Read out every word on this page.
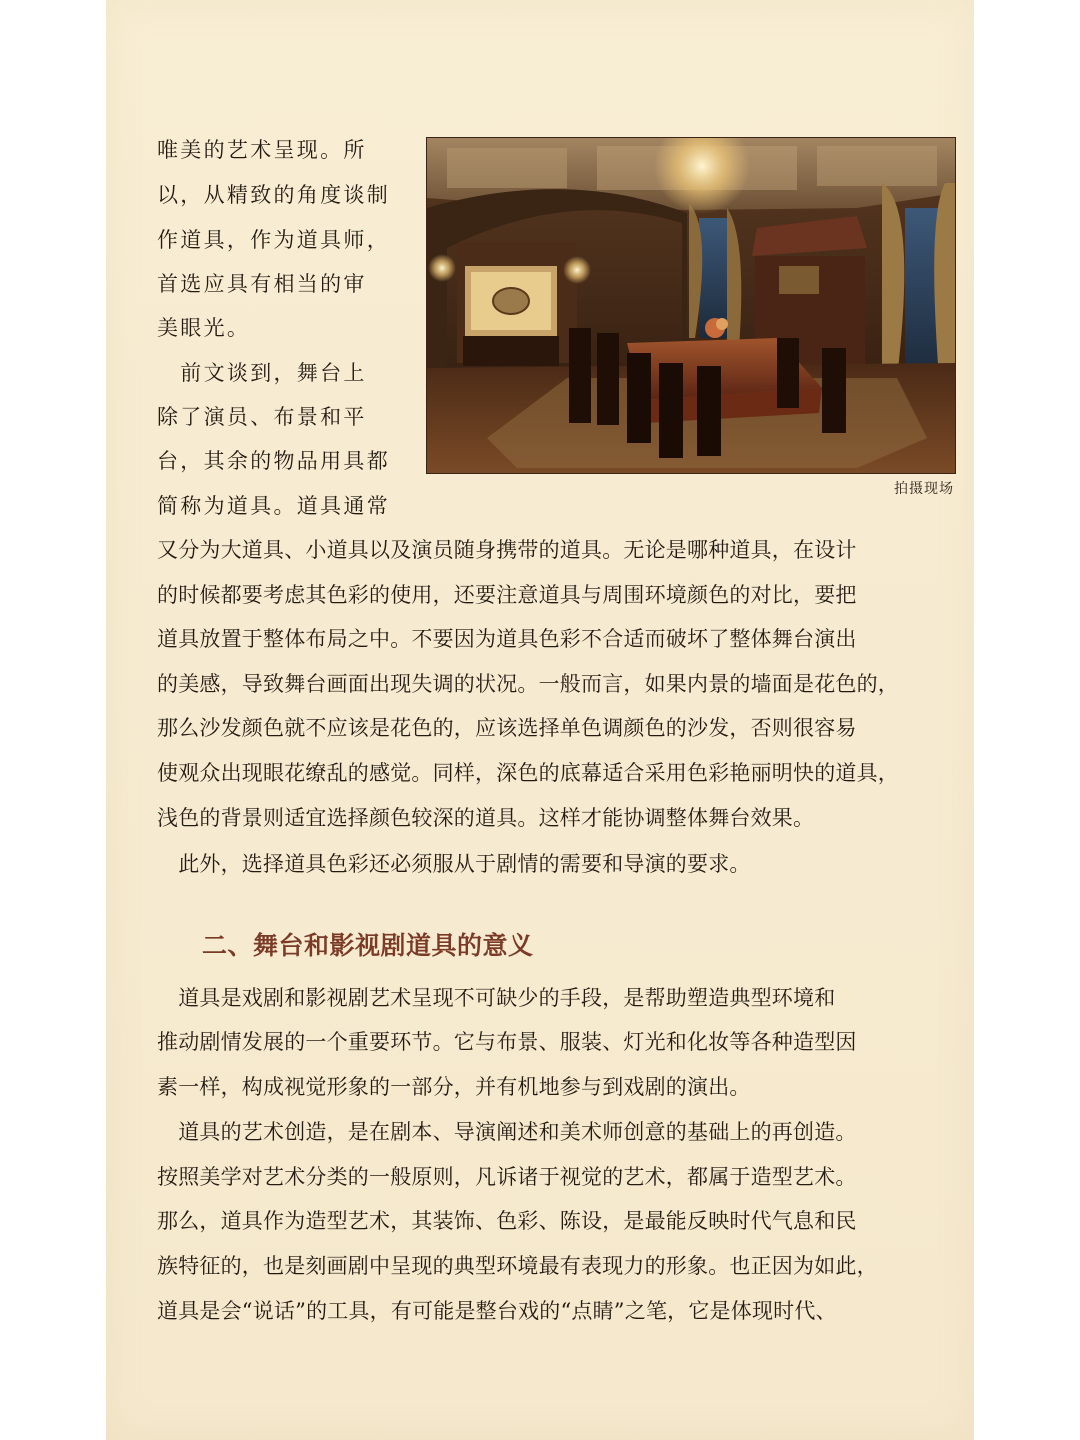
唯美的艺术呈现。所
以，从精致的角度谈制
作道具，作为道具师，
首选应具有相当的审
美眼光。
　前文谈到，舞台上
除了演员、布景和平
台，其余的物品用具都
简称为道具。道具通常
拍摄现场
又分为大道具、小道具以及演员随身携带的道具。无论是哪种道具，在设计
的时候都要考虑其色彩的使用，还要注意道具与周围环境颜色的对比，要把
道具放置于整体布局之中。不要因为道具色彩不合适而破坏了整体舞台演出
的美感，导致舞台画面出现失调的状况。一般而言，如果内景的墙面是花色的，
那么沙发颜色就不应该是花色的，应该选择单色调颜色的沙发，否则很容易
使观众出现眼花缭乱的感觉。同样，深色的底幕适合采用色彩艳丽明快的道具，
浅色的背景则适宜选择颜色较深的道具。这样才能协调整体舞台效果。
　此外，选择道具色彩还必须服从于剧情的需要和导演的要求。
二、舞台和影视剧道具的意义
　道具是戏剧和影视剧艺术呈现不可缺少的手段，是帮助塑造典型环境和
推动剧情发展的一个重要环节。它与布景、服装、灯光和化妆等各种造型因
素一样，构成视觉形象的一部分，并有机地参与到戏剧的演出。
　道具的艺术创造，是在剧本、导演阐述和美术师创意的基础上的再创造。
按照美学对艺术分类的一般原则，凡诉诸于视觉的艺术，都属于造型艺术。
那么，道具作为造型艺术，其装饰、色彩、陈设，是最能反映时代气息和民
族特征的，也是刻画剧中呈现的典型环境最有表现力的形象。也正因为如此，
道具是会“说话”的工具，有可能是整台戏的“点睛”之笔，它是体现时代、
